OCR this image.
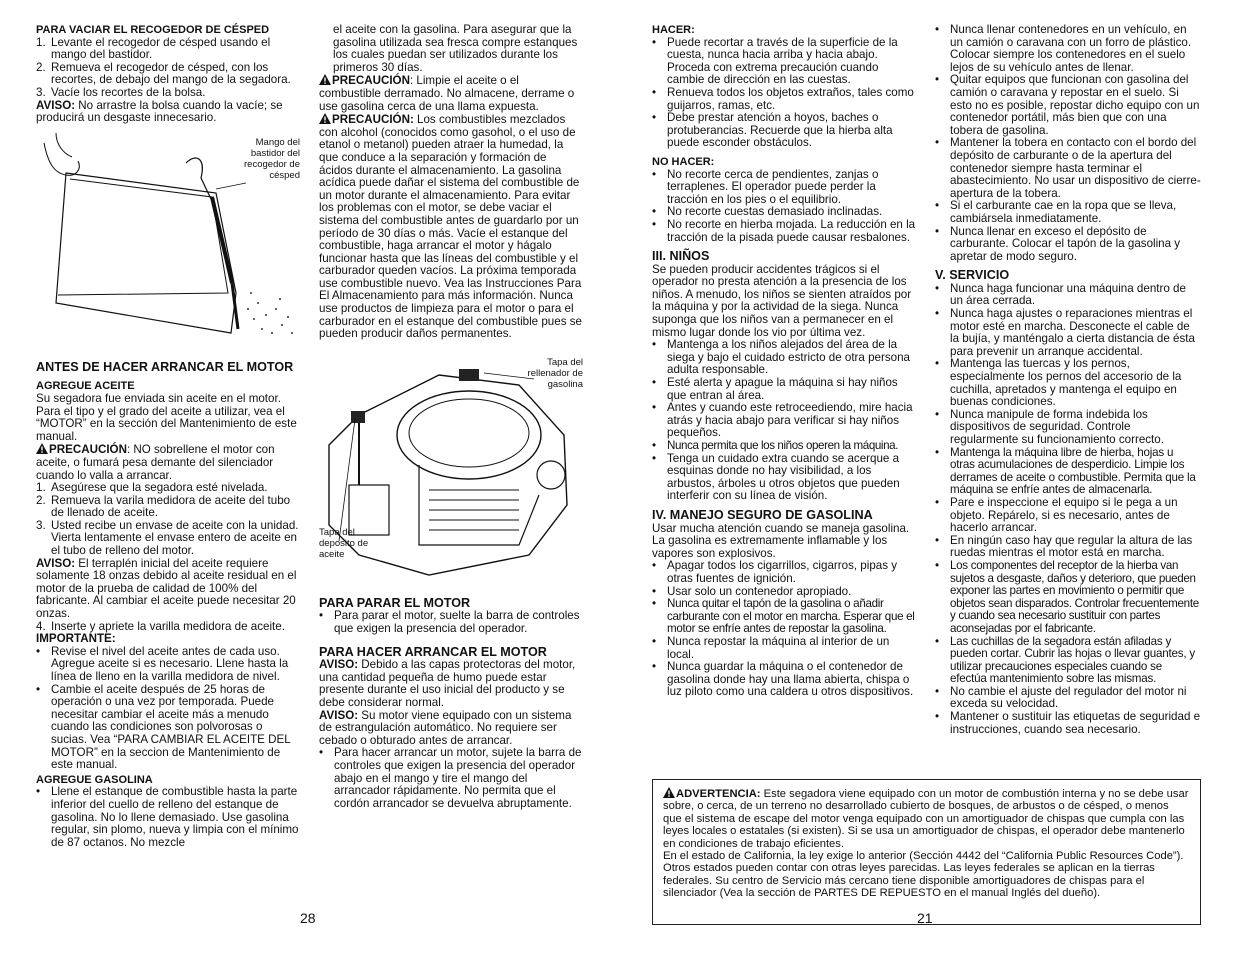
PARA VACIAR EL RECOGEDOR DE CÉSPED

1. Levante el recogedor de césped usando el mango del bastidor.
2. Remueva el recogedor de césped, con los recortes, de debajo del mango de la segadora.
3. Vacíe los recortes de la bolsa.

AVISO: No arrastre la bolsa cuando la vacíe; se producirá un desgaste innecesario.

Mango del bastidor del recogedor de césped

ANTES DE HACER ARRANCAR EL MOTOR

AGREGUE ACEITE

Su segadora fue enviada sin aceite en el motor. Para el tipo y el grado del aceite a utilizar, vea el “MOTOR” en la sección del Mantenimiento de este manual.

PRECAUCIÓN: NO sobrellene el motor con aceite, o fumará pesa demante del silenciador cuando lo valla a arrancar.

1. Asegúrese que la segadora esté nivelada.
2. Remueva la varila medidora de aceite del tubo de llenado de aceite.
3. Usted recibe un envase de aceite con la unidad. Vierta lentamente el envase entero de aceite en el tubo de relleno del motor.

AVISO: El terraplén inicial del aceite requiere solamente 18 onzas debido al aceite residual en el motor de la prueba de calidad de 100% del fabricante. Al cambiar el aceite puede necesitar 20 onzas.

4. Inserte y apriete la varilla medidora de aceite.

IMPORTANTE:

• Revise el nivel del aceite antes de cada uso. Agregue aceite si es necesario. Llene hasta la línea de lleno en la varilla medidora de nivel.
• Cambie el aceite después de 25 horas de operación o una vez por temporada. Puede necesitar cambiar el aceite más a menudo cuando las condiciones son polvorosas o sucias. Vea “PARA CAMBIAR EL ACEITE DEL MOTOR” en la seccion de Mantenimiento de este manual.

AGREGUE GASOLINA

• Llene el estanque de combustible hasta la parte inferior del cuello de relleno del estanque de gasolina. No lo llene demasiado. Use gasolina regular, sin plomo, nueva y limpia con el mínimo de 87 octanos. No mezcle
el aceite con la gasolina. Para asegurar que la gasolina utilizada sea fresca compre estanques los cuales puedan ser utilizados durante los primeros 30 días.

PRECAUCIÓN: Limpie el aceite o el combustible derramado. No almacene, derrame o use gasolina cerca de una llama expuesta.

PRECAUCIÓN: Los combustibles mezclados con alcohol (conocidos como gasohol, o el uso de etanol o metanol) pueden atraer la humedad, la que conduce a la separación y formación de ácidos durante el almacenamiento. La gasolina acídica puede dañar el sistema del combustible de un motor durante el almacenamiento. Para evitar los problemas con el motor, se debe vaciar el sistema del combustible antes de guardarlo por un período de 30 días o más. Vacíe el estanque del combustible, haga arrancar el motor y hágalo funcionar hasta que las líneas del combustible y el carburador queden vacíos. La próxima temporada use combustible nuevo. Vea las Instrucciones Para El Almacenamiento para más información. Nunca use productos de limpieza para el motor o para el carburador en el estanque del combustible pues se pueden producir daños permanentes.

Tapa del rellenador de gasolina
Tapa del deposito de aceite

PARA PARAR EL MOTOR

• Para parar el motor, suelte la barra de controles que exigen la presencia del operador.

PARA HACER ARRANCAR EL MOTOR

AVISO: Debido a las capas protectoras del motor, una cantidad pequeña de humo puede estar presente durante el uso inicial del producto y se debe considerar normal.

AVISO: Su motor viene equipado con un sistema de estrangulación automático. No requiere ser cebado o obturado antes de arrancar.

• Para hacer arrancar un motor, sujete la barra de controles que exigen la presencia del operador abajo en el mango y tire el mango del arrancador rápidamente. No permita que el cordón arrancador se devuelva abruptamente.
28

HACER:

• Puede recortar a través de la superficie de la cuesta, nunca hacia arriba y hacia abajo. Proceda con extrema precaución cuando cambie de dirección en las cuestas.
• Renueva todos los objetos extraños, tales como guijarros, ramas, etc.
• Debe prestar atención a hoyos, baches o protuberancias. Recuerde que la hierba alta puede esconder obstáculos.

NO HACER:

• No recorte cerca de pendientes, zanjas o terraplenes. El operador puede perder la tracción en los pies o el equilibrio.
• No recorte cuestas demasiado inclinadas.
• No recorte en hierba mojada. La reducción en la tracción de la pisada puede causar resbalones.

III. NIÑOS

Se pueden producir accidentes trágicos si el operador no presta atención a la presencia de los niños. A menudo, los niños se sienten atraídos por la máquina y por la actividad de la siega. Nunca suponga que los niños van a permanecer en el mismo lugar donde los vio por última vez.

• Mantenga a los niños alejados del área de la siega y bajo el cuidado estricto de otra persona adulta responsable.
• Esté alerta y apague la máquina si hay niños que entran al área.
• Antes y cuando este retroceediendo, mire hacia atrás y hacia abajo para verificar si hay niños pequeños.
• Nunca permita que los niños operen la máquina.
• Tenga un cuidado extra cuando se acerque a esquinas donde no hay visibilidad, a los arbustos, árboles u otros objetos que pueden interferir con su línea de visión.

IV. MANEJO SEGURO DE GASOLINA

Usar mucha atención cuando se maneja gasolina. La gasolina es extremamente inflamable y los vapores son explosivos.

• Apagar todos los cigarrillos, cigarros, pipas y otras fuentes de ignición.
• Usar solo un contenedor apropiado.
• Nunca quitar el tapón de la gasolina o añadir carburante con el motor en marcha. Esperar que el motor se enfríe antes de repostar la gasolina.
• Nunca repostar la máquina al interior de un local.
• Nunca guardar la máquina o el contenedor de gasolina donde hay una llama abierta, chispa o luz piloto como una caldera u otros dispositivos.
• Nunca llenar contenedores en un vehículo, en un camión o caravana con un forro de plástico. Colocar siempre los contenedores en el suelo lejos de su vehículo antes de llenar.
• Quitar equipos que funcionan con gasolina del camión o caravana y repostar en el suelo. Si esto no es posible, repostar dicho equipo con un contenedor portátil, más bien que con una tobera de gasolina.
• Mantener la tobera en contacto con el bordo del depósito de carburante o de la apertura del contenedor siempre hasta terminar el abastecimiento. No usar un dispositivo de cierre-apertura de la tobera.
• Si el carburante cae en la ropa que se lleva, cambiársela inmediatamente.
• Nunca llenar en exceso el depósito de carburante. Colocar el tapón de la gasolina y apretar de modo seguro.

V. SERVICIO

• Nunca haga funcionar una máquina dentro de un área cerrada.
• Nunca haga ajustes o reparaciones mientras el motor esté en marcha. Desconecte el cable de la bujía, y manténgalo a cierta distancia de ésta para prevenir un arranque accidental.
• Mantenga las tuercas y los pernos, especialmente los pernos del accesorio de la cuchilla, apretados y mantenga el equipo en buenas condiciones.
• Nunca manipule de forma indebida los dispositivos de seguridad. Controle regularmente su funcionamiento correcto.
• Mantenga la máquina libre de hierba, hojas u otras acumulaciones de desperdicio. Limpie los derrames de aceite o combustible. Permita que la máquina se enfríe antes de almacenarla.
• Pare e inspeccione el equipo si le pega a un objeto. Repárelo, si es necesario, antes de hacerlo arrancar.
• En ningún caso hay que regular la altura de las ruedas mientras el motor está en marcha.
• Los componentes del receptor de la hierba van sujetos a desgaste, daños y deterioro, que pueden exponer las partes en movimiento o permitir que objetos sean disparados. Controlar frecuentemente y cuando sea necesario sustituir con partes aconsejadas por el fabricante.
• Las cuchillas de la segadora están afiladas y pueden cortar. Cubrir las hojas o llevar guantes, y utilizar precauciones especiales cuando se efectúa mantenimiento sobre las mismas.
• No cambie el ajuste del regulador del motor ni exceda su velocidad.
• Mantener o sustituir las etiquetas de seguridad e instrucciones, cuando sea necesario.

ADVERTENCIA: Este segadora viene equipado con un motor de combustión interna y no se debe usar sobre, o cerca, de un terreno no desarrollado cubierto de bosques, de arbustos o de césped, o menos que el sistema de escape del motor venga equipado con un amortiguador de chispas que cumpla con las leyes locales o estatales (si existen). Si se usa un amortiguador de chispas, el operador debe mantenerlo en condiciones de trabajo eficientes.

En el estado de California, la ley exige lo anterior (Sección 4442 del “California Public Resources Code”). Otros estados pueden contar con otras leyes parecidas. Las leyes federales se aplican en la tierras federales. Su centro de Servicio más cercano tiene disponible amortiguadores de chispas para el silenciador (Vea la sección de PARTES DE REPUESTO en el manual Inglés del dueño).

21
